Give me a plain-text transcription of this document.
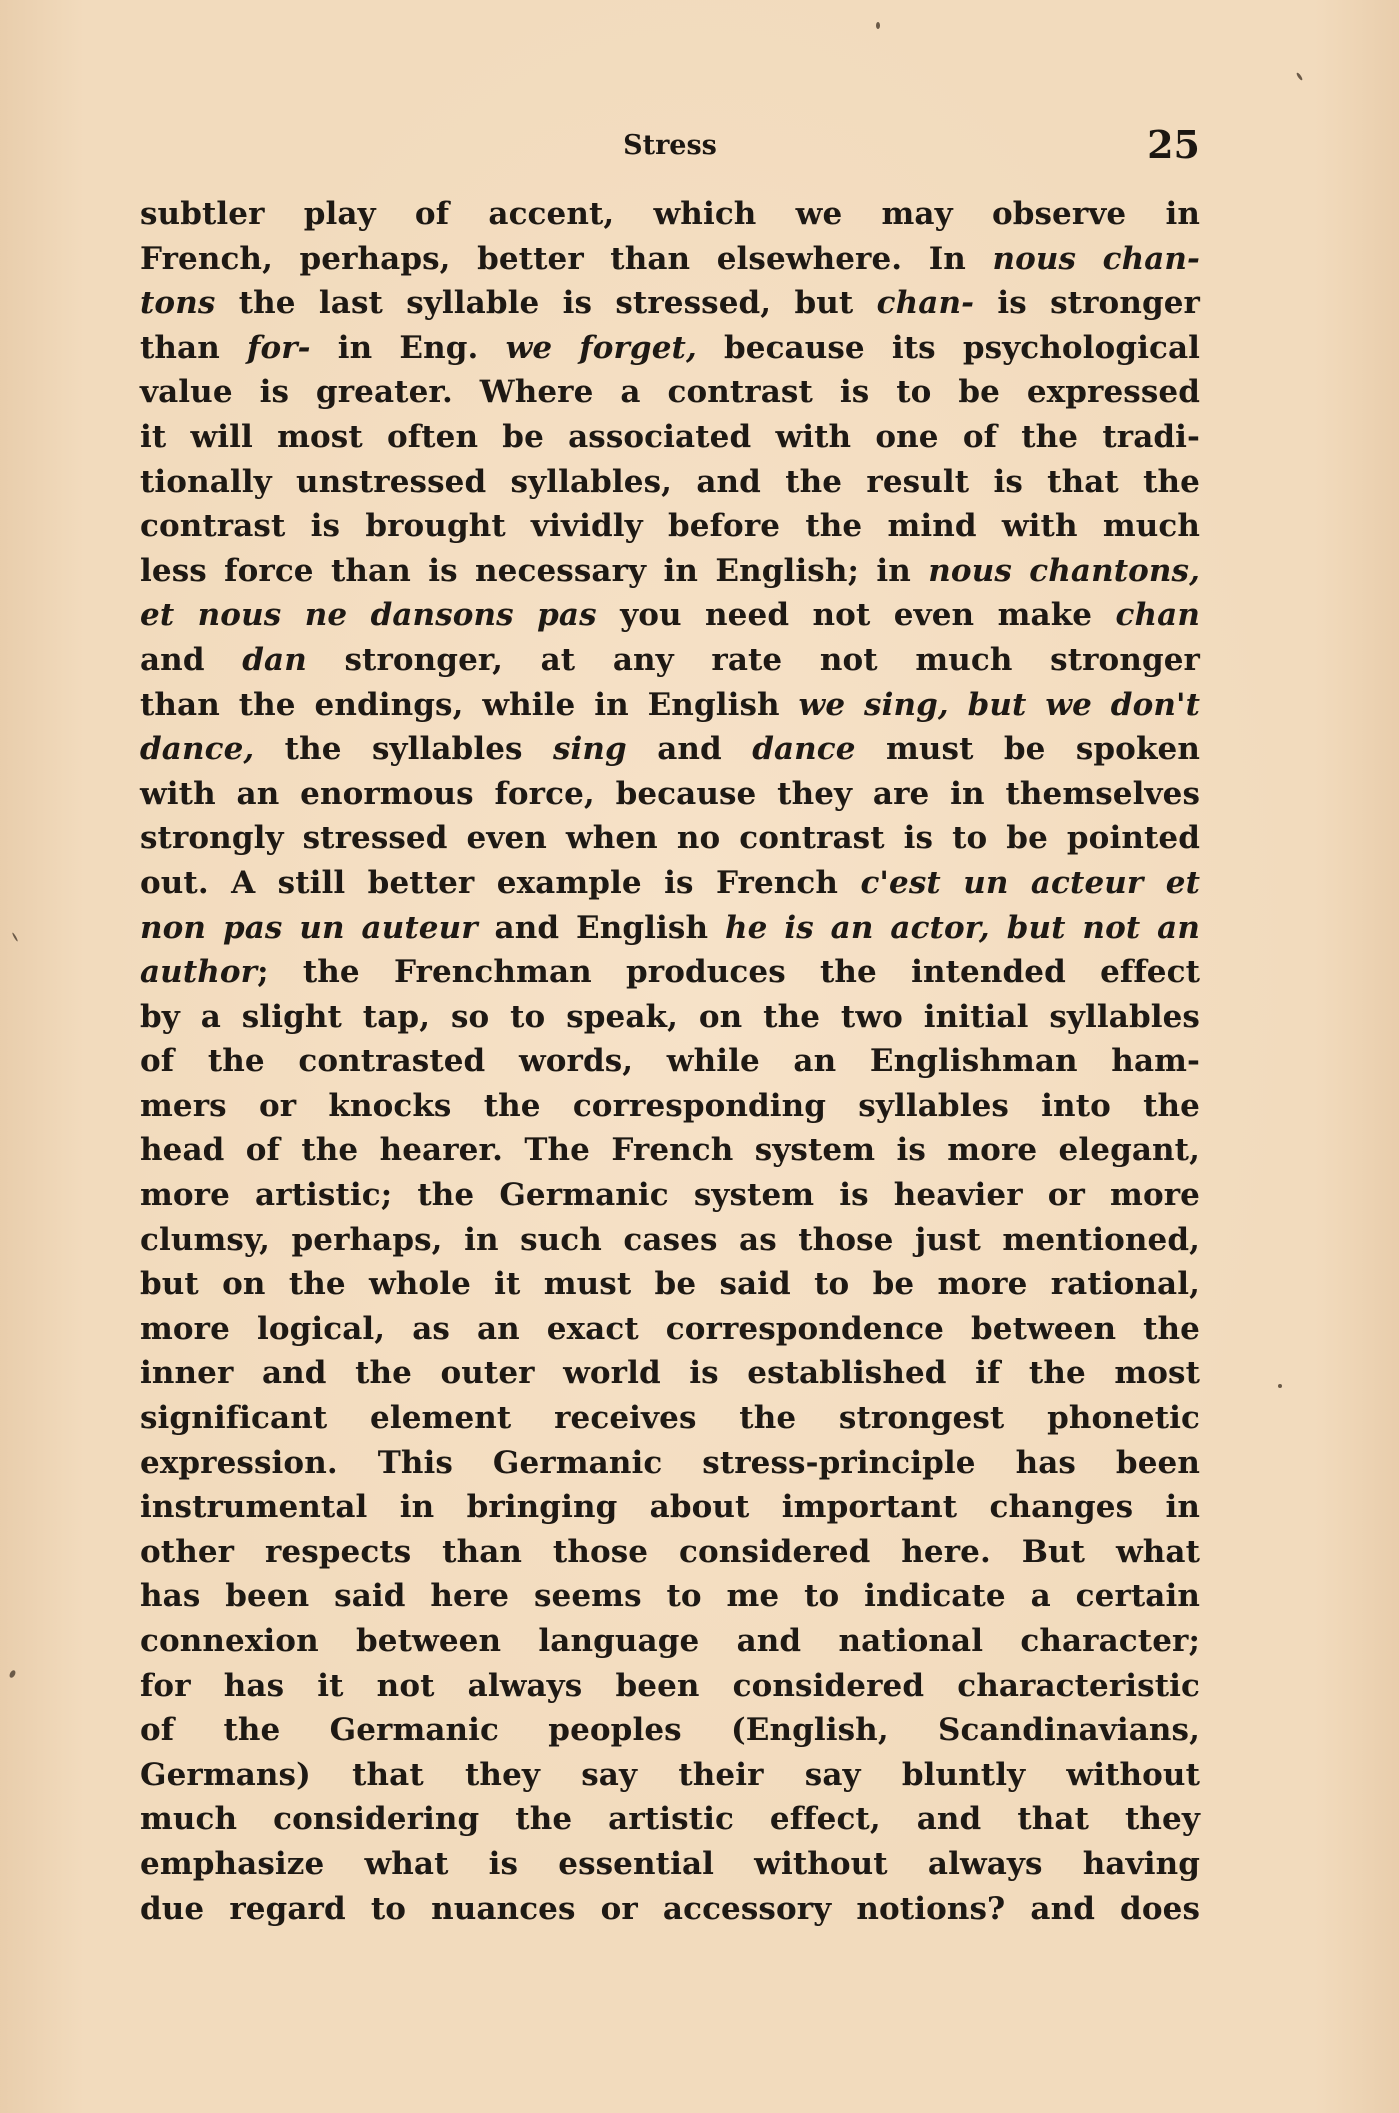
Stress	25
subtler play of accent, which we may observe in
French, perhaps, better than elsewhere. In nous chan-
tons the last syllable is stressed, but chan- is stronger
than for- in Eng. we forget, because its psychological
value is greater. Where a contrast is to be expressed
it will most often be associated with one of the tradi-
tionally unstressed syllables, and the result is that the
contrast is brought vividly before the mind with much
less force than is necessary in English; in nous chantons,
et nous ne dansons pas you need not even make chan
and dan stronger, at any rate not much stronger
than the endings, while in English we sing, but we don't
dance, the syllables sing and dance must be spoken
with an enormous force, because they are in themselves
strongly stressed even when no contrast is to be pointed
out. A still better example is French c'est un acteur et
non pas un auteur and English he is an actor, but not an
author; the Frenchman produces the intended effect
by a slight tap, so to speak, on the two initial syllables
of the contrasted words, while an Englishman ham-
mers or knocks the corresponding syllables into the
head of the hearer. The French system is more elegant,
more artistic; the Germanic system is heavier or more
clumsy, perhaps, in such cases as those just mentioned,
but on the whole it must be said to be more rational,
more logical, as an exact correspondence between the
inner and the outer world is established if the most
significant element receives the strongest phonetic
expression. This Germanic stress-principle has been
instrumental in bringing about important changes in
other respects than those considered here. But what
has been said here seems to me to indicate a certain
connexion between language and national character;
for has it not always been considered characteristic
of the Germanic peoples (English, Scandinavians,
Germans) that they say their say bluntly without
much considering the artistic effect, and that they
emphasize what is essential without always having
due regard to nuances or accessory notions? and does
